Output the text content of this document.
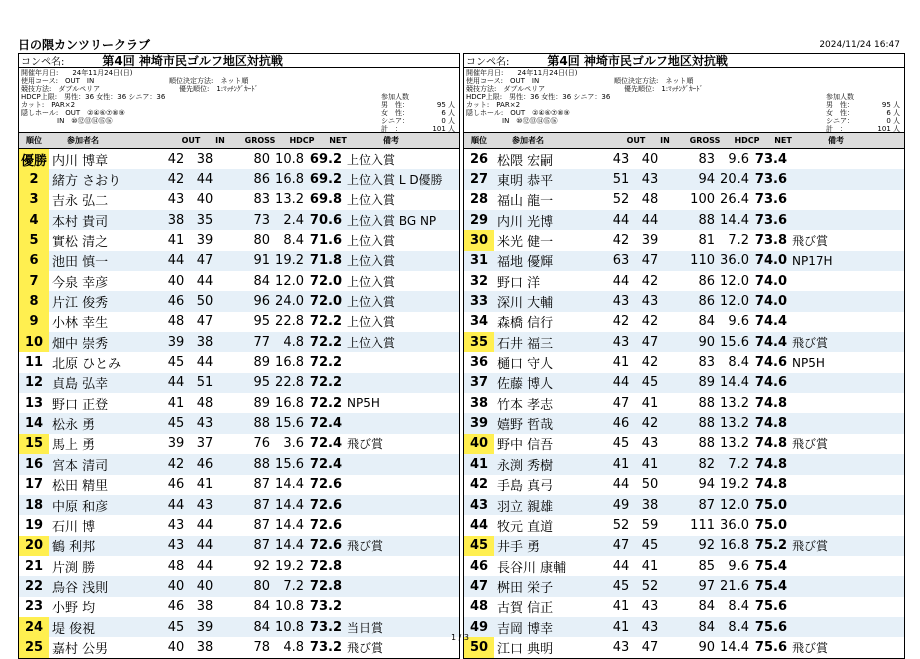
日の隈カンツリークラブ	2024/11/24 16:47
コンペ名:	第4回 神埼市民ゴルフ地区対抗戦
開催年月日:　　24年11月24日(日)
使用コース:　OUT　IN
競技方法:　ダブルペリア
HDCP上限:　男性：36 女性：36 シニア：36
カット:　PAR×2
隠しホール:　OUT　②④⑥⑦⑧⑨
IN　⑩⑫⑬⑭⑮⑯
順位決定方法:　ネット順
優先順位:　1:ﾏｯﾁﾝｸﾞｶｰﾄﾞ
参加人数
男　性：	95 人
女　性：	6 人
シニア：	0 人
計　：	101 人
順位	参加者名	OUT	IN	GROSS	HDCP	NET	備考
優勝 内川 博章	42 38	80 10.8 69.2 上位入賞
2	緒方 さおり	42 44	86 16.8 69.2 上位入賞 L D優勝
3	吉永 弘二	43 40	83 13.2 69.8 上位入賞
4	本村 貴司	38 35	73	2.4 70.6 上位入賞 BG NP
5	實松 清之	41 39	80	8.4 71.6 上位入賞
6	池田 慎一	44 47	91 19.2 71.8 上位入賞
7	今泉 幸彦	40 44	84 12.0 72.0 上位入賞
8	片江 俊秀	46 50	96 24.0 72.0 上位入賞
9	小林 幸生	48 47	95 22.8 72.2 上位入賞
10 畑中 崇秀	39 38	77	4.8 72.2 上位入賞
11 北原 ひとみ	45 44	89 16.8 72.2
12 貞島 弘幸	44 51	95 22.8 72.2
13 野口 正登	41 48	89 16.8 72.2 NP5H
14 松永 勇	45 43	88 15.6 72.4
15 馬上 勇	39 37	76	3.6 72.4 飛び賞
16 宮本 清司	42 46	88 15.6 72.4
17 松田 精里	46 41	87 14.4 72.6
18 中原 和彦	44 43	87 14.4 72.6
19 石川 博	43 44	87 14.4 72.6
20 鶴 利邦	43 44	87 14.4 72.6 飛び賞
21 片渕 勝	48 44	92 19.2 72.8
22 鳥谷 浅則	40 40	80	7.2 72.8
23 小野 均	46 38	84 10.8 73.2
24 堤 俊視	45 39	84 10.8 73.2 当日賞
25 嘉村 公男	40 38	78	4.8 73.2 飛び賞
コンペ名:	第4回 神埼市民ゴルフ地区対抗戦
開催年月日:　　24年11月24日(日)
使用コース:　OUT　IN
競技方法:　ダブルペリア
HDCP上限:　男性：36 女性：36 シニア：36
カット:　PAR×2
隠しホール:　OUT　②④⑥⑦⑧⑨
IN　⑩⑫⑬⑭⑮⑯
順位決定方法:　ネット順
優先順位:　1:ﾏｯﾁﾝｸﾞｶｰﾄﾞ
参加人数
男　性：	95 人
女　性：	6 人
シニア：	0 人
計　：	101 人
順位	参加者名	OUT	IN	GROSS	HDCP	NET	備考
26 松隈 宏嗣	43 40	83	9.6 73.4
27 東明 恭平	51 43	94 20.4 73.6
28 福山 龍一	52 48	100 26.4 73.6
29 内川 光博	44 44	88 14.4 73.6
30 米光 健一	42 39	81	7.2 73.8 飛び賞
31 福地 優輝	63 47	110 36.0 74.0 NP17H
32 野口 洋	44 42	86 12.0 74.0
33 深川 大輔	43 43	86 12.0 74.0
34 森橋 信行	42 42	84	9.6 74.4
35 石井 福三	43 47	90 15.6 74.4 飛び賞
36 樋口 守人	41 42	83	8.4 74.6 NP5H
37 佐藤 博人	44 45	89 14.4 74.6
38 竹本 孝志	47 41	88 13.2 74.8
39 嬉野 哲哉	46 42	88 13.2 74.8
40 野中 信吾	45 43	88 13.2 74.8 飛び賞
41 永渕 秀樹	41 41	82	7.2 74.8
42 手島 真弓	44 50	94 19.2 74.8
43 羽立 親雄	49 38	87 12.0 75.0
44 牧元 直道	52 59	111 36.0 75.0
45 井手 勇	47 45	92 16.8 75.2 飛び賞
46 長谷川 康輔	44 41	85	9.6 75.4
47 桝田 栄子	45 52	97 21.6 75.4
48 古賀 信正	41 43	84	8.4 75.6
49 吉岡 博幸	41 43	84	8.4 75.6
50 江口 典明	43 47	90 14.4 75.6 飛び賞
1 / 3
